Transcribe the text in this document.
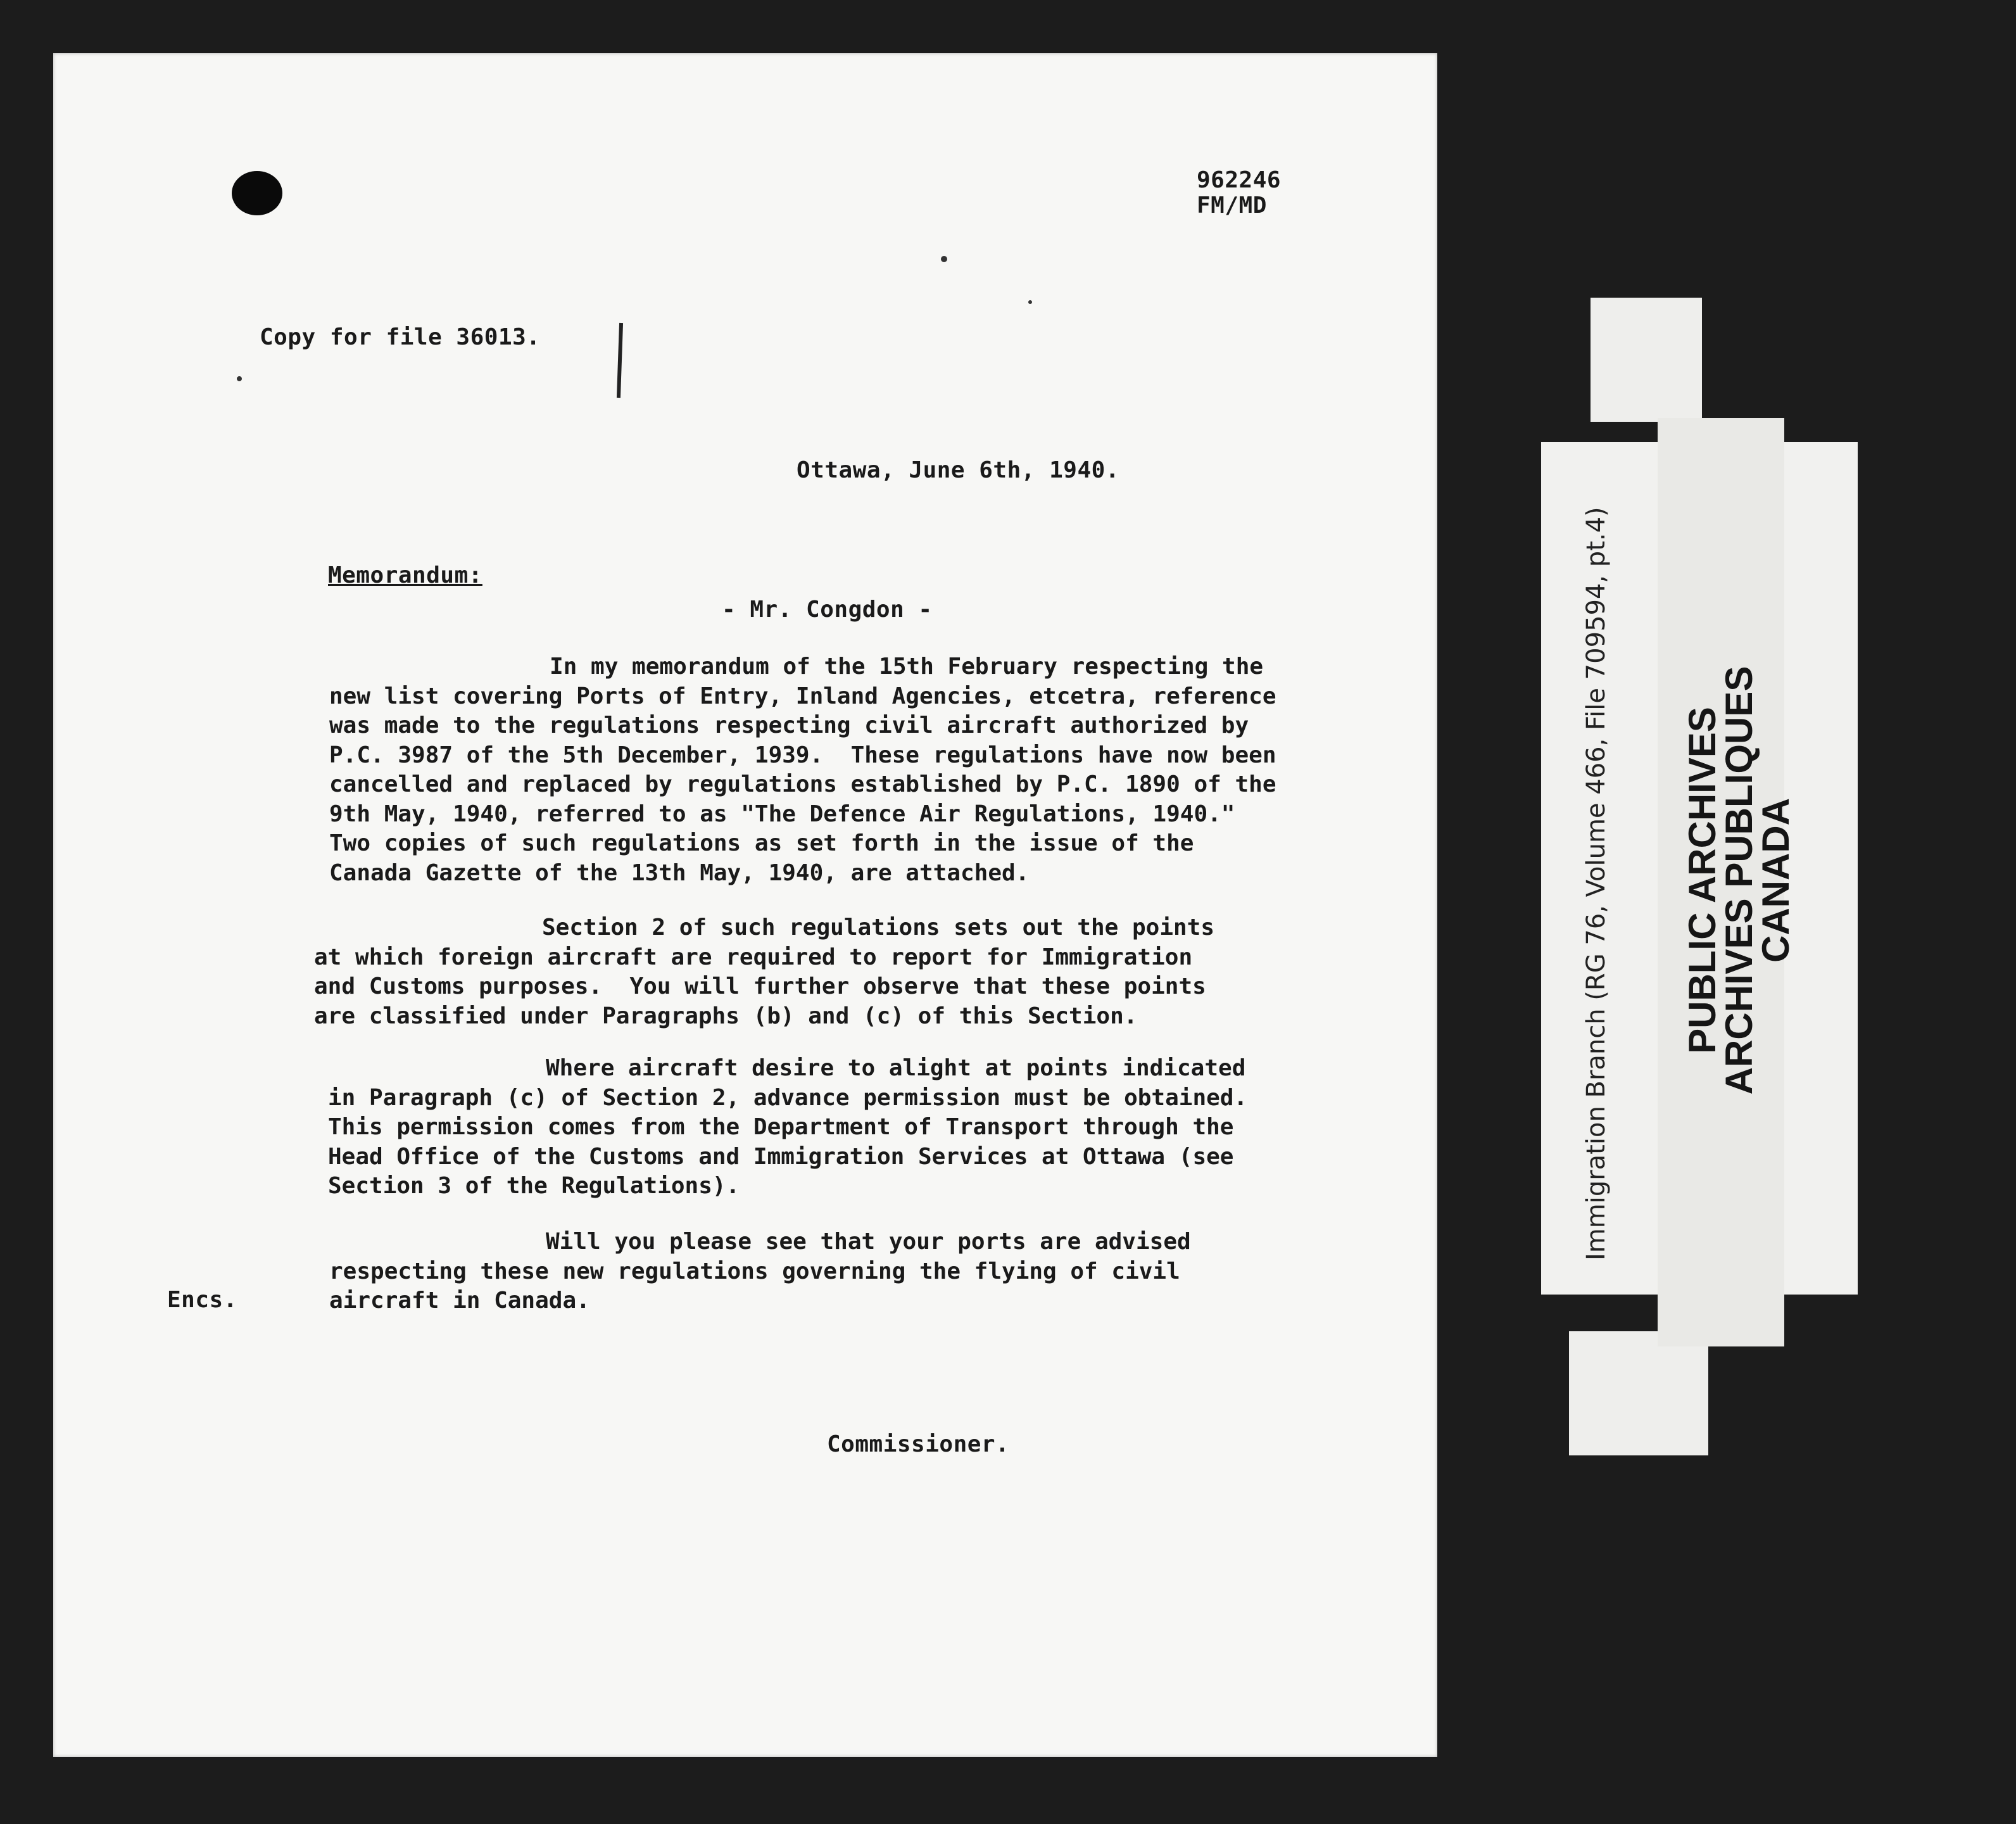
962246
FM/MD
Copy for file 36013.
Ottawa, June 6th, 1940.
Memorandum:
- Mr. Congdon -
In my memorandum of the 15th February respecting the
new list covering Ports of Entry, Inland Agencies, etcetra, reference
was made to the regulations respecting civil aircraft authorized by
P.C. 3987 of the 5th December, 1939.  These regulations have now been
cancelled and replaced by regulations established by P.C. 1890 of the
9th May, 1940, referred to as "The Defence Air Regulations, 1940."
Two copies of such regulations as set forth in the issue of the
Canada Gazette of the 13th May, 1940, are attached.
Section 2 of such regulations sets out the points
at which foreign aircraft are required to report for Immigration
and Customs purposes.  You will further observe that these points
are classified under Paragraphs (b) and (c) of this Section.
Where aircraft desire to alight at points indicated
in Paragraph (c) of Section 2, advance permission must be obtained.
This permission comes from the Department of Transport through the
Head Office of the Customs and Immigration Services at Ottawa (see
Section 3 of the Regulations).
Will you please see that your ports are advised
respecting these new regulations governing the flying of civil
aircraft in Canada.
Encs.
Commissioner.
Immigration Branch (RG 76, Volume 466, File 709594, pt.4) PUBLIC ARCHIVES
ARCHIVES PUBLIQUES
CANADA
